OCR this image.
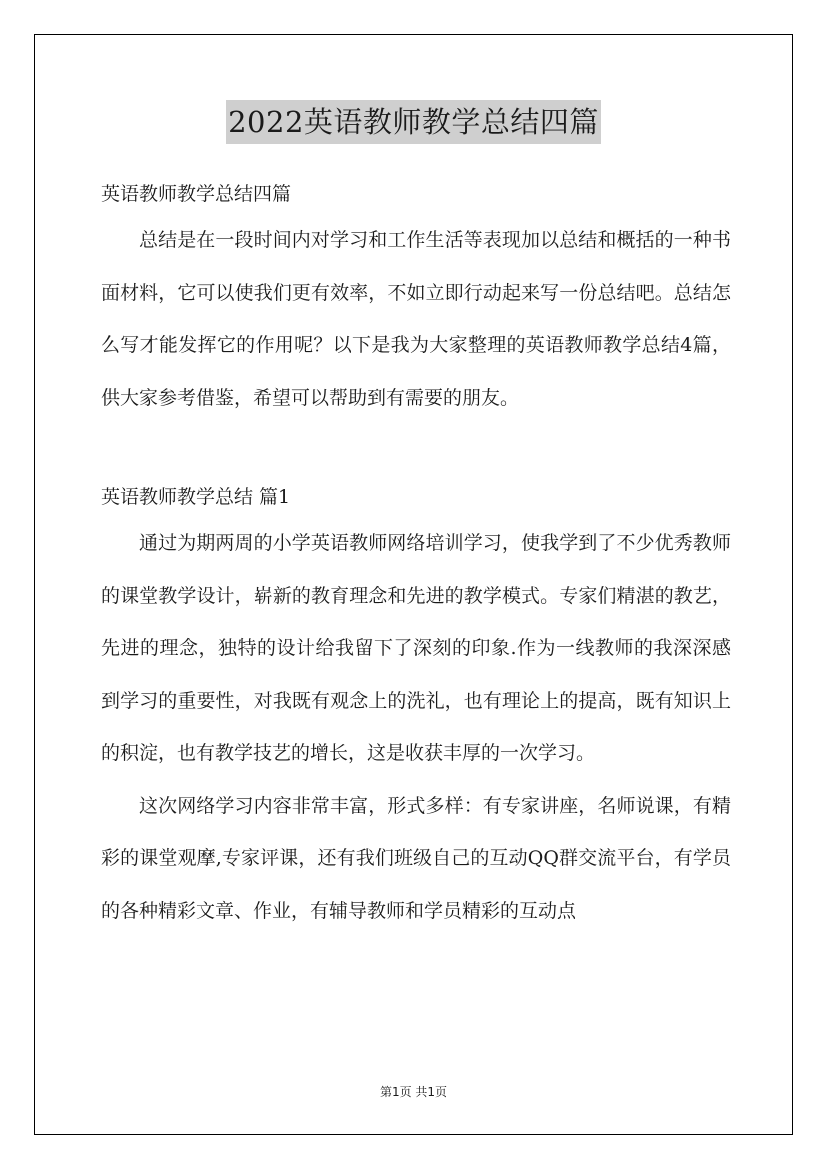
2022英语教师教学总结四篇

英语教师教学总结四篇

总结是在一段时间内对学习和工作生活等表现加以总结和概括的一种书面材料，它可以使我们更有效率，不如立即行动起来写一份总结吧。总结怎么写才能发挥它的作用呢？以下是我为大家整理的英语教师教学总结4篇，供大家参考借鉴，希望可以帮助到有需要的朋友。

英语教师教学总结 篇1

通过为期两周的小学英语教师网络培训学习，使我学到了不少优秀教师的课堂教学设计，崭新的教育理念和先进的教学模式。专家们精湛的教艺，先进的理念，独特的设计给我留下了深刻的印象.作为一线教师的我深深感到学习的重要性，对我既有观念上的洗礼，也有理论上的提高，既有知识上的积淀，也有教学技艺的增长，这是收获丰厚的一次学习。

这次网络学习内容非常丰富，形式多样：有专家讲座，名师说课，有精彩的课堂观摩,专家评课，还有我们班级自己的互动QQ群交流平台，有学员的各种精彩文章、作业，有辅导教师和学员精彩的互动点

第1页 共1页
